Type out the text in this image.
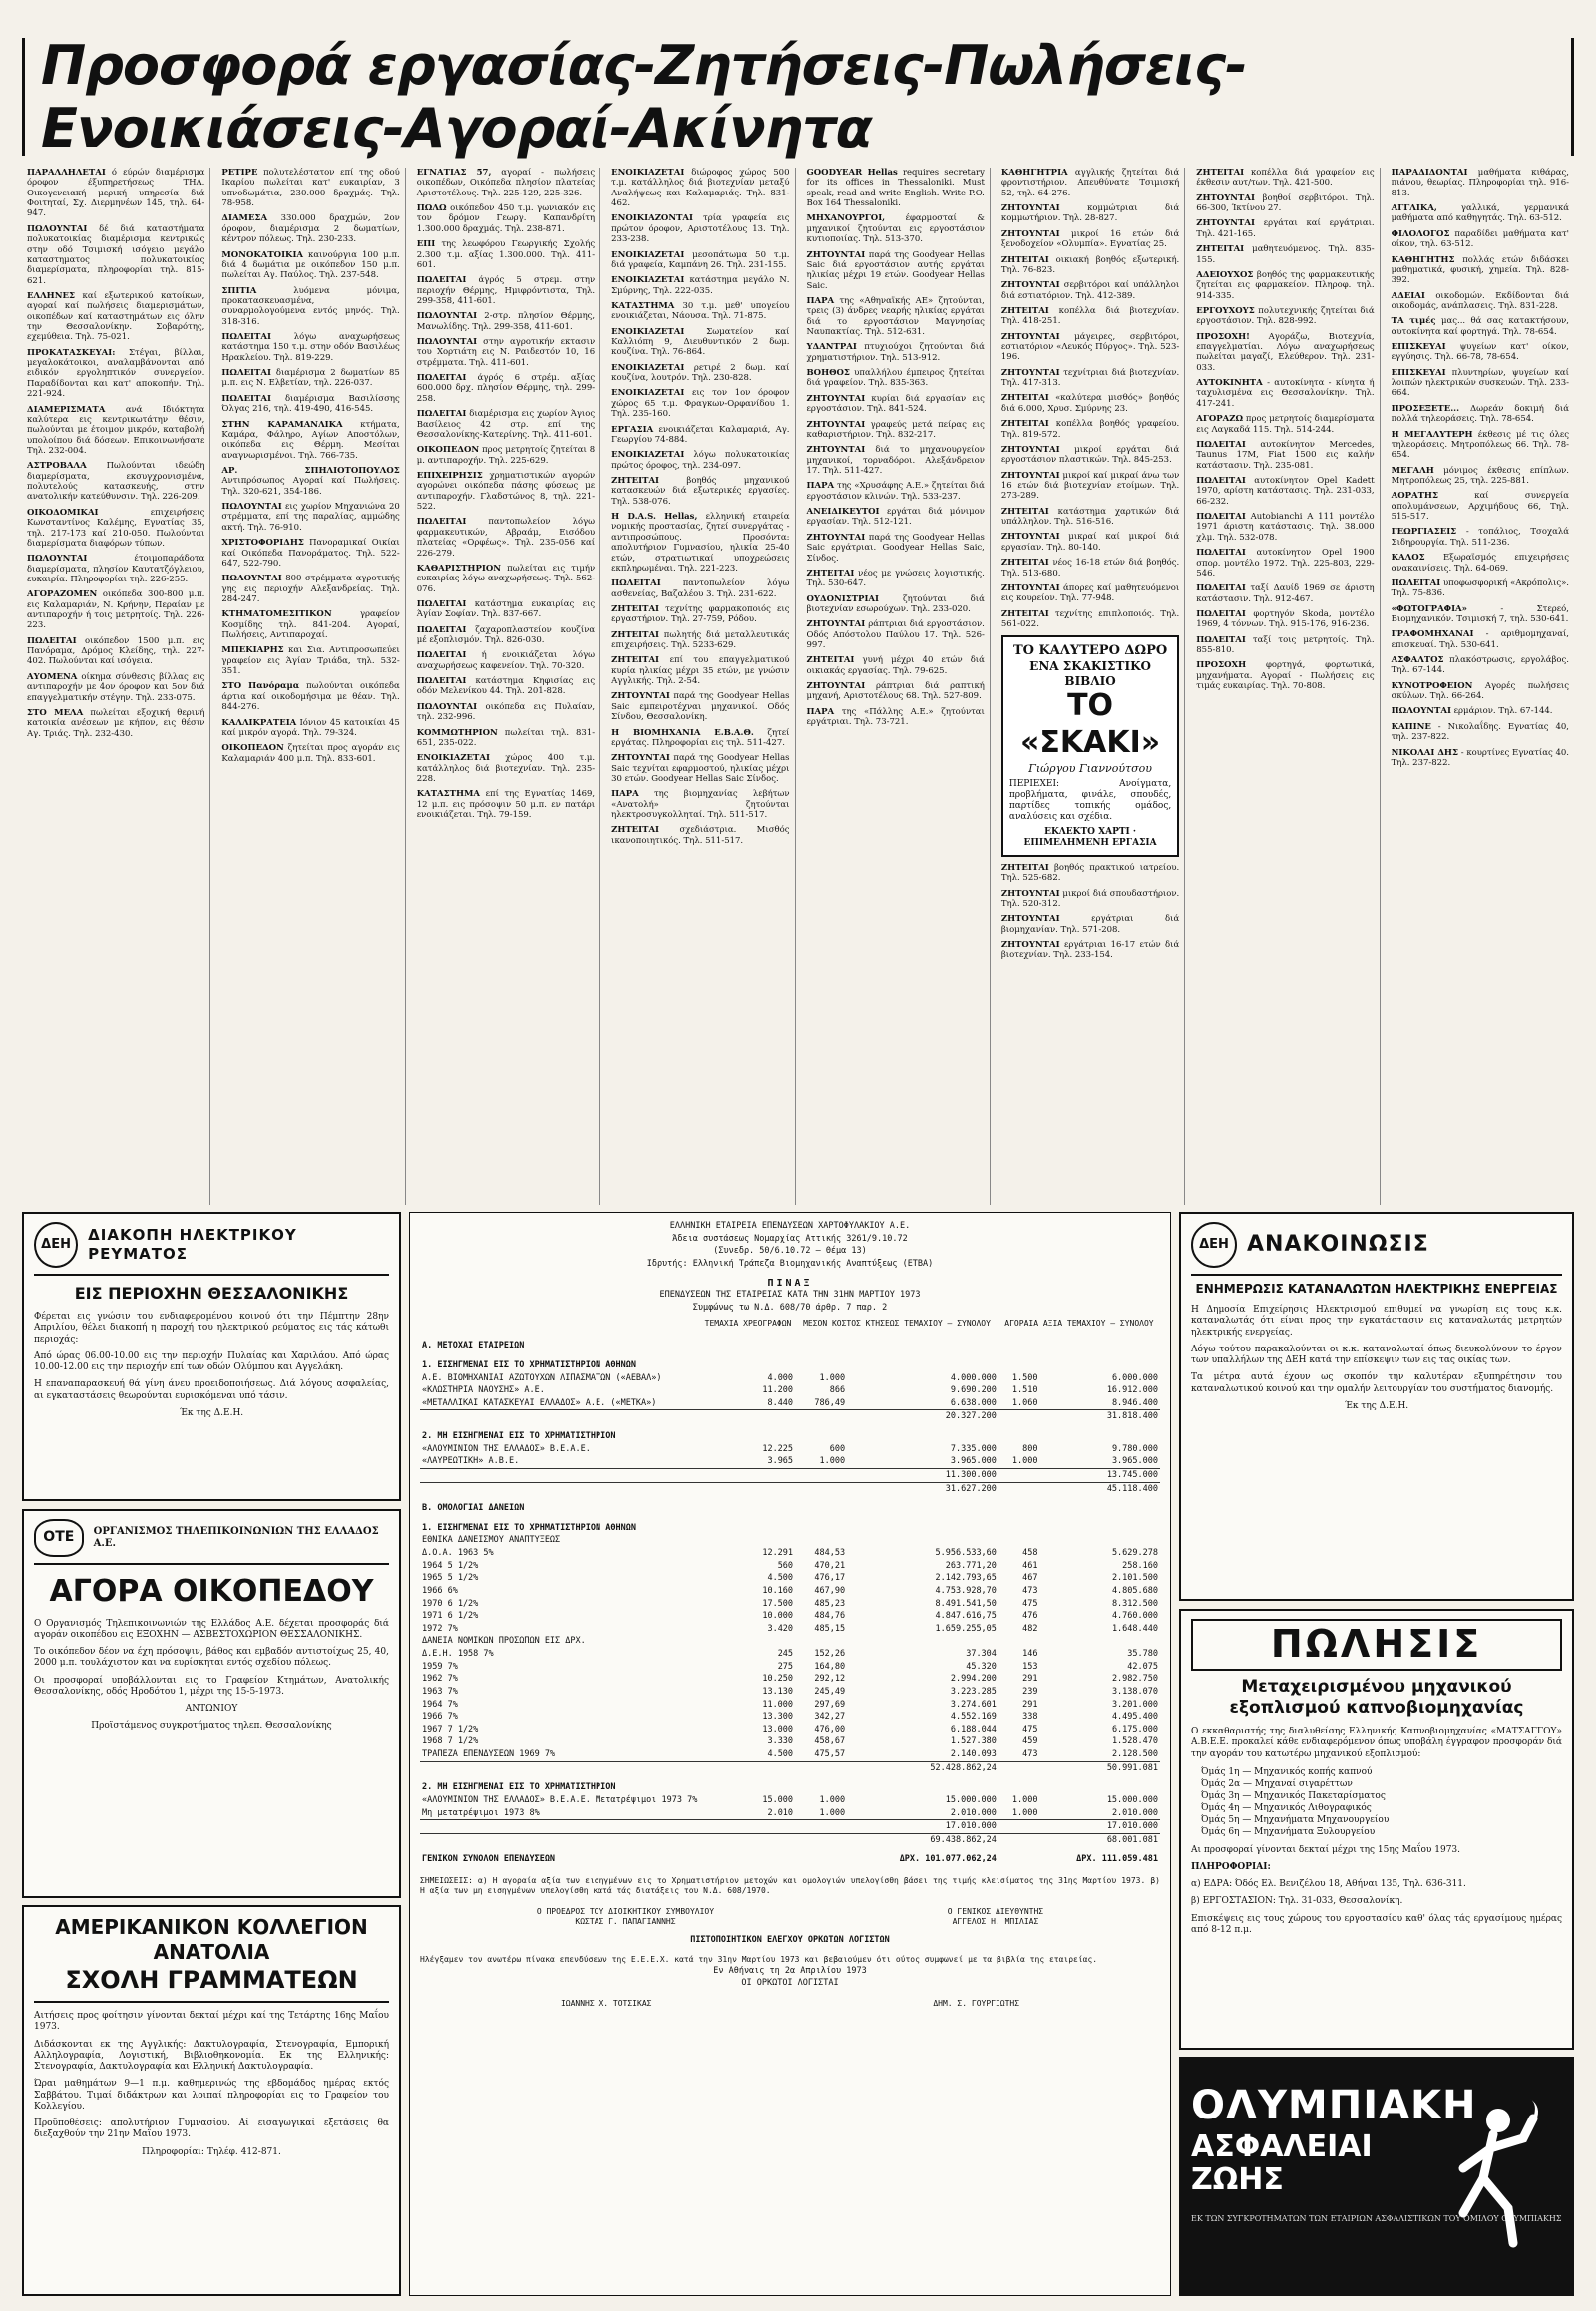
Προσφορά εργασίας-Ζητήσεις-Πωλήσεις-Ενοικιάσεις-Αγοραί-Ακίνητα

ΠΑΡΑΛΛΗΛΕΤΑΙ ό εύρών διαμέρισμα όροφον έξυπηρετήσεως ΤΗΛ. Οικογενειακή μερική υπηρεσία διά Φοιτηταί, Σχ. Διερμηνέων 145, τηλ. 64-947.

ΠΩΛΟΥΝΤΑΙ δέ διά καταστήματα πολυκατοικίας διαμέρισμα κεντρικώς στην οδό Τσιμισκή ισόγειο μεγάλο καταστηματος πολυκατοικίας διαμερίσματα, πληροφορίαι τηλ. 815-621.

ΕΛΛΗΝΕΣ καί εξωτερικού κατοίκων, αγοραί καί πωλήσεις διαμερισμάτων, οικοπέδων καί καταστημάτων εις όλην την Θεσσαλονίκην. Σοβαρότης, εχεμύθεια. Τηλ. 75-021.

ΠΡΟΚΑΤΑΣΚΕΥΑΙ: Στέγαι, βίλλαι, μεγαλοκάτοικοι, αναλαμβάνονται από ειδικόν εργοληπτικόν συνεργείον. Παραδίδονται και κατ' αποκοπήν. Τηλ. 221-924.

ΔΙΑΜΕΡΙΣΜΑΤΑ ανά Ιδιόκτητα καλύτερα εις κεντρικωτάτην θέσιν, πωλούνται με έτοιμον μικρόν, καταβολή υπολοίπου διά δόσεων. Επικοινωνήσατε Τηλ. 232-004.

ΑΣΤΡΟΒΑΛΑ Πωλούνται ιδεώδη διαμερίσματα, εκσυγχρονισμένα, πολυτελούς κατασκευής, στην ανατολικήν κατεύθυνσιν. Τηλ. 226-209.

ΟΙΚΟΔΟΜΙΚΑΙ	επιχειρήσεις Κωνσταντίνος Καλέμης, Εγνατίας 35, τηλ. 217-173 καί 210-050. Πωλούνται διαμερίσματα διαφόρων τύπων.

ΠΩΛΟΥΝΤΑΙ	έτοιμοπαράδοτα διαμερίσματα, πλησίον Καυτατζόγλειου, ευκαιρία. Πληροφορίαι τηλ. 226-255.

ΑΓΟΡΑΖΟΜΕΝ οικόπεδα 300-800 μ.π. εις Καλαμαριάν, Ν. Κρήνην, Περαίαν με αντιπαροχήν ή τοις μετρητοίς. Τηλ. 226-223.

ΠΩΛΕΙΤΑΙ οικόπεδον 1500 μ.π. εις Πανόραμα, Δρόμος Κλείδης, τηλ. 227-402. Πωλούνται καί ισόγεια.

ΑΥΟΜΕΝΑ οίκημα σύνθεσις βίλλας εις αντιπαροχήν με 4ον όροφον και 5ον διά επαγγελματικήν στέγην. Τηλ. 233-075.

ΣΤΟ ΜΕΛΑ πωλείται εξοχική θερινή κατοικία ανέσεων με κήπον, εις θέσιν Αγ. Τριάς. Τηλ. 232-430.

ΡΕΤΙΡΕ πολυτελέστατον επί της οδού Ικαρίου πωλείται κατ' ευκαιρίαν, 3 υπνοδωμάτια, 230.000 δραχμάς. Τηλ. 78-958.

ΔΙΑΜΕΣΑ 330.000 δραχμών, 2ον όροφον, διαμέρισμα 2 δωματίων, κέντρον πόλεως. Τηλ. 230-233.

ΜΟΝΟΚΑΤΟΙΚΙΑ καινούργια 100 μ.π. διά 4 δωμάτια με οικόπεδον 150 μ.π. πωλείται Αγ. Παύλος. Τηλ. 237-548.

ΣΠΙΤΙΑ	λυόμενα μόνιμα, προκατασκευασμένα, συναρμολογούμενα εντός μηνός. Τηλ. 318-316.

ΠΩΛΕΙΤΑΙ	λόγω αναχωρήσεως κατάστημα 150 τ.μ. στην οδόν Βασιλέως Ηρακλείου. Τηλ. 819-229.

ΠΩΛΕΙΤΑΙ διαμέρισμα 2 δωματίων 85 μ.π. εις Ν. Ελβετίαν, τηλ. 226-037.

ΠΩΛΕΙΤΑΙ διαμέρισμα Βασιλίσσης Όλγας 216, τηλ. 419-490, 416-545.

ΣΤΗΝ ΚΑΡΑΜΑΝΛΙΚΑ κτήματα, Καμάρα, Φάληρο, Αγίων Αποστόλων, οικόπεδα εις Θέρμη. Μεσίται αναγνωρισμένοι. Τηλ. 766-735.

ΑΡ. ΣΠΗΛΙΟΤΟΠΟΥΛΟΣ Αντιπρόσωπος Αγοραί καί Πωλήσεις. Τηλ. 320-621, 354-186.

ΠΩΛΟΥΝΤΑΙ εις χωρίον Μηχανιώνα 20 στρέμματα, επί της παραλίας, αμμώδης ακτή. Τηλ. 76-910.

ΧΡΙΣΤΟΦΟΡΙΔΗΣ Πανοραμικαί Οικίαι καί Οικόπεδα Πανοράματος. Τηλ. 522-647, 522-790.

ΠΩΛΟΥΝΤΑΙ 800 στρέμματα αγροτικής γης εις περιοχήν Αλεξανδρείας. Τηλ. 284-247.

ΚΤΗΜΑΤΟΜΕΣΙΤΙΚΟΝ	γραφείον Κοσμίδης τηλ. 841-204. Αγοραί, Πωλήσεις, Αντιπαροχαί.

ΜΠΕΚΙΑΡΗΣ και Σια. Αντιπροσωπεύει γραφείον εις Άγίαν Τριάδα, τηλ. 532-351.

ΣΤΟ Πανόραμα πωλούνται οικόπεδα άρτια καί οικοδομήσιμα με θέαν. Τηλ. 844-276.

ΚΑΛΛΙΚΡΑΤΕΙΑ Ιόνιον 45 κατοικίαι 45 καί μικρόν αγορά. Τηλ. 79-324.

ΟΙΚΟΠΕΔΟΝ ζητείται προς αγοράν εις Καλαμαριάν 400 μ.π. Τηλ. 833-601.

ΕΓΝΑΤΙΑΣ 57, αγοραί - πωλήσεις οικοπέδων, Οικόπεδα πλησίον πλατείας Αριστοτέλους. Τηλ. 225-129, 225-326.

ΠΩΛΩ οικόπεδον 450 τ.μ. γωνιακόν εις τον δρόμον Γεωργ. Καπανδρίτη 1.300.000 δραχμάς. Τηλ. 238-871.

ΕΠΙ της λεωφόρου Γεωργικής Σχολής 2.300 τ.μ. αξίας 1.300.000. Τηλ. 411-601.

ΠΩΛΕΙΤΑΙ άγρός 5 στρεμ. στην περιοχήν Θέρμης, Ημιφρόντιστα, Τηλ. 299-358, 411-601.

ΠΩΛΟΥΝΤΑΙ 2-στρ. πλησίον Θέρμης, Μανωλίδης. Τηλ. 299-358, 411-601.

ΠΩΛΟΥΝΤΑΙ στην αγροτικήν εκτασιν του Χορτιάτη εις Ν. Ραιδεστόν 10, 16 στρέμματα. Τηλ. 411-601.

ΠΩΛΕΙΤΑΙ άγρός 6 στρέμ. αξίας 600.000 δρχ. πλησίον Θέρμης, τηλ. 299-258.

ΠΩΛΕΙΤΑΙ διαμέρισμα εις χωρίον Άγιος Βασίλειος 42 στρ. επί της Θεσσαλονίκης-Κατερίνης. Τηλ. 411-601.

ΟΙΚΟΠΕΔΟΝ προς μετρητοίς ζητείται 8 μ. αντιπαροχήν. Τηλ. 225-629.

ΕΠΙΧΕΙΡΗΣΙΣ χρηματιστικών αγορών αγορώνει οικόπεδα πάσης φύσεως με αντιπαροχήν. Γλαδστώνος 8, τηλ. 221-522.

ΠΩΛΕΙΤΑΙ	παντοπωλείον λόγω φαρμακευτικών, Αβραάμ, Εισόδου πλατείας «Ορφέως». Τηλ. 235-056 καί 226-279.

ΚΑΘΑΡΙΣΤΗΡΙΟΝ πωλείται εις τιμήν ευκαιρίας λόγω αναχωρήσεως. Τηλ. 562-076.

ΠΩΛΕΙΤΑΙ κατάστημα ευκαιρίας εις Άγίαν Σοφίαν. Τηλ. 837-667.

ΠΩΛΕΙΤΑΙ ζαχαροπλαστείον κουζίνα μέ εξοπλισμόν. Τηλ. 826-030.

ΠΩΛΕΙΤΑΙ ή ενοικιάζεται λόγω αναχωρήσεως καφενείον. Τηλ. 70-320.

ΠΩΛΕΙΤΑΙ κατάστημα Κηφισίας εις οδόν Μελενίκου 44. Τηλ. 201-828.

ΠΩΛΟΥΝΤΑΙ οικόπεδα εις Πυλαίαν, τηλ. 232-996.

ΚΟΜΜΩΤΗΡΙΟΝ πωλείται τηλ. 831-651, 235-022.

ΕΝΟΙΚΙΑΖΕΤΑΙ χώρος 400 τ.μ. κατάλληλος διά βιοτεχνίαν. Τηλ. 235-228.

ΚΑΤΑΣΤΗΜΑ επί της Εγνατίας 1469, 12 μ.π. εις πρόσοψιν 50 μ.π. εν πατάρι ενοικιάζεται. Τηλ. 79-159.

ΕΝΟΙΚΙΑΖΕΤΑΙ διώροφος χώρος 500 τ.μ. κατάλληλος διά βιοτεχνίαν μεταξύ Αναλήψεως και Καλαμαριάς. Τηλ. 831-462.

ΕΝΟΙΚΙΑΖΟΝΤΑΙ τρία γραφεία εις πρώτον όροφον, Αριστοτέλους 13. Τηλ. 233-238.

ΕΝΟΙΚΙΑΖΕΤΑΙ μεσοπάτωμα 50 τ.μ. διά γραφεία, Καμπάνη 26. Τηλ. 231-155.

ΕΝΟΙΚΙΑΖΕΤΑΙ κατάστημα μεγάλο Ν. Σμύρνης, Τηλ. 222-035.

ΚΑΤΑΣΤΗΜΑ 30 τ.μ. μεθ' υπογείου ενοικιάζεται, Νάουσα. Τηλ. 71-875.

ΕΝΟΙΚΙΑΖΕΤΑΙ	Σωματείον καί Καλλιόπη 9, Διευθυντικόν 2 δωμ. κουζίνα. Τηλ. 76-864.

ΕΝΟΙΚΙΑΖΕΤΑΙ ρετιρέ 2 δωμ. καί κουζίνα, λουτρόν. Τηλ. 230-828.

ΕΝΟΙΚΙΑΖΕΤΑΙ εις τον 1ον όροφον χώρος 65 τ.μ. Φραγκων-Ορφανίδου 1. Τηλ. 235-160.

ΕΡΓΑΣΙΑ ενοικιάζεται Καλαμαριά, Αγ. Γεωργίου 74-884.

ΕΝΟΙΚΙΑΖΕΤΑΙ λόγω πολυκατοικίας πρώτος όροφος, τηλ. 234-097.

ΖΗΤΕΙΤΑΙ	βοηθός μηχανικού κατασκευών διά εξωτερικές εργασίες. Τηλ. 538-076.

Η D.A.S. Hellas, ελληνική εταιρεία νομικής προστασίας, ζητεί συνεργάτας - αντιπροσώπους. Προσόντα: απολυτήριον Γυμνασίου, ηλικία 25-40 ετών, στρατιωτικαί υποχρεώσεις εκπληρωμέναι. Τηλ. 221-223.

ΠΩΛΕΙΤΑΙ	παντοπωλείον λόγω ασθενείας, Βαζαλέου 3. Τηλ. 231-622.

ΖΗΤΕΙΤΑΙ τεχνίτης φαρμακοποιός εις εργαστήριον. Τηλ. 27-759, Ρόδου.

ΖΗΤΕΙΤΑΙ πωλητής διά μεταλλευτικάς επιχειρήσεις. Τηλ. 5233-629.

ΖΗΤΕΙΤΑΙ επί του επαγγελματικού κυρία ηλικίας μέχρι 35 ετών, με γνώσιν Αγγλικής. Τηλ. 2-54.

ΖΗΤΟΥΝΤΑΙ παρά της Goodyear Hellas Saic εμπειροτέχναι μηχανικοί. Οδός Σίνδου, Θεσσαλονίκη.

Η ΒΙΟΜΗΧΑΝΙΑ Ε.Β.Α.Θ. ζητεί εργάτας. Πληροφορίαι εις τηλ. 511-427.

ΖΗΤΟΥΝΤΑΙ παρά της Goodyear Hellas Saic τεχνίται εφαρμοστού, ηλικίας μέχρι 30 ετών. Goodyear Hellas Saic Σίνδος.

ΠΑΡΑ της βιομηχανίας λεβήτων «Ανατολή» ζητούνται ηλεκτροσυγκολληταί. Τηλ. 511-517.

ΖΗΤΕΙΤΑΙ σχεδιάστρια. Μισθός ικανοποιητικός. Τηλ. 511-517.

GOODYEAR Hellas requires secretary for its offices in Thessaloniki. Must speak, read and write English. Write P.O. Box 164 Thessaloniki.

ΜΗΧΑΝΟΥΡΓΟΙ, έφαρμοσταί & μηχανικοί ζητούνται εις εργοστάσιον κυτιοποιίας. Τηλ. 513-370.

ΖΗΤΟΥΝΤΑΙ παρά της Goodyear Hellas Saic διά εργοστάσιον αυτής εργάται ηλικίας μέχρι 19 ετών. Goodyear Hellas Saic.

ΠΑΡΑ της «Αθηναϊκής ΑΕ» ζητούνται, τρεις (3) άνδρες νεαρής ηλικίας εργάται διά το εργοστάσιον Μαγνησίας Ναυπακτίας. Τηλ. 512-631.

ΥΔΑΝΤΡΑΙ πτυχιούχοι ζητούνται διά χρηματιστήριον. Τηλ. 513-912.

ΒΟΗΘΟΣ υπαλλήλου έμπειρος ζητείται διά γραφείον. Τηλ. 835-363.

ΖΗΤΟΥΝΤΑΙ κυρίαι διά εργασίαν εις εργοστάσιον. Τηλ. 841-524.

ΖΗΤΟΥΝΤΑΙ γραφεύς μετά πείρας εις καθαριστήριον. Τηλ. 832-217.

ΖΗΤΟΥΝΤΑΙ διά το μηχανουργείον μηχανικοί, τορναδόροι. Αλεξάνδρειον 17. Τηλ. 511-427.

ΠΑΡΑ της «Χρυσάφης Α.Ε.» ζητείται διά εργοστάσιον κλινών. Τηλ. 533-237.

ΑΝΕΙΔΙΚΕΥΤΟΙ εργάται διά μόνιμον εργασίαν. Τηλ. 512-121.

ΖΗΤΟΥΝΤΑΙ παρά της Goodyear Hellas Saic εργάτριαι. Goodyear Hellas Saic, Σίνδος.

ΖΗΤΕΙΤΑΙ νέος με γνώσεις λογιστικής. Τηλ. 530-647.

ΟΥΔΟΝΙΣΤΡΙΑΙ	ζητούνται διά βιοτεχνίαν εσωρούχων. Τηλ. 233-020.

ΖΗΤΟΥΝΤΑΙ ράπτριαι διά εργοστάσιον. Οδός Απόστολου Παύλου 17. Τηλ. 526-997.

ΖΗΤΕΙΤΑΙ γυνή μέχρι 40 ετών διά οικιακάς εργασίας. Τηλ. 79-625.

ΖΗΤΟΥΝΤΑΙ ράπτριαι διά ραπτική μηχανή, Αριστοτέλους 68. Τηλ. 527-809.

ΠΑΡΑ της «Πάλλης Α.Ε.» ζητούνται εργάτριαι. Τηλ. 73-721.

ΚΑΘΗΓΗΤΡΙΑ αγγλικής ζητείται διά φροντιστήριον. Απευθύνατε Τσιμισκή 52, τηλ. 64-276.

ΖΗΤΟΥΝΤΑΙ	κομμώτριαι διά κομμωτήριον. Τηλ. 28-827.

ΖΗΤΟΥΝΤΑΙ μικροί 16 ετών διά ξενοδοχείον «Ολυμπία». Εγνατίας 25.

ΖΗΤΕΙΤΑΙ οικιακή βοηθός εξωτερική. Τηλ. 76-823.

ΖΗΤΟΥΝΤΑΙ σερβιτόροι καί υπάλληλοι διά εστιατόριον. Τηλ. 412-389.

ΖΗΤΕΙΤΑΙ κοπέλλα διά βιοτεχνίαν. Τηλ. 418-251.

ΖΗΤΟΥΝΤΑΙ μάγειρες, σερβιτόροι, εστιατόριον «Λευκός Πύργος». Τηλ. 523-196.

ΖΗΤΟΥΝΤΑΙ τεχνίτριαι διά βιοτεχνίαν. Τηλ. 417-313.

ΖΗΤΕΙΤΑΙ «καλύτερα μισθός» βοηθός διά 6.000, Χρυσ. Σμύρνης 23.

ΖΗΤΕΙΤΑΙ κοπέλλα βοηθός γραφείου. Τηλ. 819-572.

ΖΗΤΟΥΝΤΑΙ μικροί εργάται διά εργοστάσιον πλαστικών. Τηλ. 845-253.

ΖΗΤΟΥΝΤΑΙ μικροί καί μικραί άνω των 16 ετών διά βιοτεχνίαν ετοίμων. Τηλ. 273-289.

ΖΗΤΕΙΤΑΙ κατάστημα χαρτικών διά υπάλληλον. Τηλ. 516-516.

ΖΗΤΟΥΝΤΑΙ μικραί καί μικροί διά εργασίαν. Τηλ. 80-140.

ΖΗΤΕΙΤΑΙ νέος 16-18 ετών διά βοηθός. Τηλ. 513-680.

ΖΗΤΟΥΝΤΑΙ άπορες καί μαθητευόμενοι εις κουρείον. Τηλ. 77-948.

ΖΗΤΕΙΤΑΙ τεχνίτης επιπλοποιός. Τηλ. 561-022.

ΤΟ ΚΑΛΥΤΕΡΟ ΔΩΡΟ
ΕΝΑ ΣΚΑΚΙΣΤΙΚΟ ΒΙΒΛΙΟ
ΤΟ «ΣΚΑΚΙ»
Γιώργου Γιαννούτσου
ΠΕΡΙΕΧΕΙ: Ανοίγματα, προβλήματα, φινάλε, σπουδές, παρτίδες τοπικής ομάδος, αναλύσεις και σχέδια.
ΕΚΛΕΚΤΟ ΧΑΡΤΙ · ΕΠΙΜΕΛΗΜΕΝΗ ΕΡΓΑΣΙΑ

ΖΗΤΕΙΤΑΙ βοηθός πρακτικού ιατρείου. Τηλ. 525-682.

ΖΗΤΟΥΝΤΑΙ μικροί διά σπουδαστήριον. Τηλ. 520-312.

ΖΗΤΟΥΝΤΑΙ	εργάτριαι διά βιομηχανίαν. Τηλ. 571-208.

ΖΗΤΟΥΝΤΑΙ εργάτριαι 16-17 ετών διά βιοτεχνίαν. Τηλ. 233-154.

ΖΗΤΕΙΤΑΙ κοπέλλα διά γραφείον εις έκθεσιν αυτ/των. Τηλ. 421-500.

ΖΗΤΟΥΝΤΑΙ βοηθοί σερβιτόροι. Τηλ. 66-300, Ίκτίνου 27.

ΖΗΤΟΥΝΤΑΙ εργάται καί εργάτριαι. Τηλ. 421-165.

ΖΗΤΕΙΤΑΙ μαθητευόμενος. Τηλ. 835-155.

ΑΔΕΙΟΥΧΟΣ βοηθός της φαρμακευτικής ζητείται εις φαρμακείον. Πληροφ. τηλ. 914-335.

ΕΡΓΟΥΧΟΥΣ πολυτεχνικής ζητείται διά εργοστάσιον. Τηλ. 828-992.

ΠΡΟΣΟΧΗ! Αγοράζω, Βιοτεχνία, επαγγελματίαι. Λόγω αναχωρήσεως πωλείται μαγαζί, Ελεύθερον. Τηλ. 231-033.

ΑΥΤΟΚΙΝΗΤΑ - αυτοκίνητα - κίνητα ή ταχυλισμένα εις Θεσσαλονίκην. Τηλ. 417-241.

ΑΓΟΡΑΖΩ προς μετρητοίς διαμερίσματα εις Λαγκαδά 115. Τηλ. 514-244.

ΠΩΛΕΙΤΑΙ αυτοκίνητον Mercedes, Taunus 17M, Fiat 1500 εις καλήν κατάστασιν. Τηλ. 235-081.

ΠΩΛΕΙΤΑΙ αυτοκίνητον Opel Kadett 1970, αρίστη κατάστασις. Τηλ. 231-033, 66-232.

ΠΩΛΕΙΤΑΙ Autobianchi A 111 μοντέλο 1971 άριστη κατάστασις. Τηλ. 38.000 χλμ. Τηλ. 532-078.

ΠΩΛΕΙΤΑΙ αυτοκίνητον Opel 1900 σπορ. μοντέλο 1972. Τηλ. 225-803, 229-546.

ΠΩΛΕΙΤΑΙ ταξί Δαυίδ 1969 σε άριστη κατάστασιν. Τηλ. 912-467.

ΠΩΛΕΙΤΑΙ φορτηγόν Skoda, μοντέλο 1969, 4 τόννων. Τηλ. 915-176, 916-236.

ΠΩΛΕΙΤΑΙ ταξί τοις μετρητοίς. Τηλ. 855-810.

ΠΡΟΣΟΧΗ φορτηγά, φορτωτικά, μηχανήματα. Αγοραί - Πωλήσεις εις τιμάς ευκαιρίας. Τηλ. 70-808.

ΠΑΡΑΔΙΔΟΝΤΑΙ μαθήματα κιθάρας, πιάνου, θεωρίας. Πληροφορίαι τηλ. 916-813.

ΑΓΓΛΙΚΑ,	γαλλικά, γερμανικά μαθήματα από καθηγητάς. Τηλ. 63-512.

ΦΙΛΟΛΟΓΟΣ παραδίδει μαθήματα κατ' οίκον, τηλ. 63-512.

ΚΑΘΗΓΗΤΗΣ πολλάς ετών διδάσκει μαθηματικά, φυσική, χημεία. Τηλ. 828-392.

ΑΔΕΙΑΙ οικοδομών. Εκδίδονται διά οικοδομάς, ανάπλασεις. Τηλ. 831-228.

ΤΑ τιμές μας... θά σας κατακτήσουν, αυτοκίνητα καί φορτηγά. Τηλ. 78-654.

ΕΠΙΣΚΕΥΑΙ ψυγείων κατ' οίκον, εγγύησις. Τηλ. 66-78, 78-654.

ΕΠΙΣΚΕΥΑΙ πλυντηρίων, ψυγείων καί λοιπών ηλεκτρικών συσκευών. Τηλ. 233-664.

ΠΡΟΣΕΞΕΤΕ... Δωρεάν δοκιμή διά πολλά τηλεοράσεις. Τηλ. 78-654.

Η ΜΕΓΑΛΥΤΕΡΗ έκθεσις μέ τις όλες τηλεοράσεις. Μητροπόλεως 66. Τηλ. 78-654.

ΜΕΓΑΛΗ μόνιμος έκθεσις επίπλων. Μητροπόλεως 25, τηλ. 225-881.

ΑΟΡΑΤΗΣ	καί συνεργεία απολυμάνσεων, Αρχιμήδους 66, Τηλ. 515-517.

ΓΕΩΡΓΙΑΣΕΙΣ - τοπάλιος, Τσοχαλά Σιδηρουργία. Τηλ. 511-236.

ΚΑΛΟΣ Εξωραϊσμός επιχειρήσεις ανακαινίσεις. Τηλ. 64-069.

ΠΩΛΕΙΤΑΙ υποφωσφορική «Ακρόπολις». Τηλ. 75-836.

«ΦΩΤΟΓΡΑΦΙΑ»	- Στερεό, Βιομηχανικόν. Τσιμισκή 7, τηλ. 530-641.

ΓΡΑΦΟΜΗΧΑΝΑΙ - αριθμομηχαναί, επισκευαί. Τηλ. 530-641.

ΑΣΦΑΛΤΟΣ πλακόστρωσις, εργολάβος. Τηλ. 67-144.

ΚΥΝΟΤΡΟΦΕΙΟΝ Αγορές πωλήσεις σκύλων. Τηλ. 66-264.

ΠΩΛΟΥΝΤΑΙ ερμάριον. Τηλ. 67-144.

ΚΑΠΙΝΕ - Νικολαΐδης. Εγνατίας 40, τηλ. 237-822.

ΝΙΚΟΛΑΙ ΔΗΣ - κουρτίνες Εγνατίας 40. Τηλ. 237-822.

ΔΕΗ
ΔΙΑΚΟΠΗ ΗΛΕΚΤΡΙΚΟΥ ΡΕΥΜΑΤΟΣ
ΕΙΣ ΠΕΡΙΟΧΗΝ ΘΕΣΣΑΛΟΝΙΚΗΣ

Φέρεται εις γνώσιν του ενδιαφερομένου κοινού ότι την Πέμπτην 28ην Απριλίου, θέλει διακοπή η παροχή του ηλεκτρικού ρεύματος εις τάς κάτωθι περιοχάς:

Από ώρας 06.00-10.00 εις την περιοχήν Πυλαίας και Χαριλάου. Από ώρας 10.00-12.00 εις την περιοχήν επί των οδών Ολύμπου και Αγγελάκη.

Η επαναπαρασκευή θά γίνη άνευ προειδοποιήσεως. Διά λόγους ασφαλείας, αι εγκαταστάσεις θεωρούνται ευρισκόμεναι υπό τάσιν.

Έκ της Δ.Ε.Η.

ΟΤΕ	ΟΡΓΑΝΙΣΜΟΣ ΤΗΛΕΠΙΚΟΙΝΩΝΙΩΝ ΤΗΣ ΕΛΛΑΔΟΣ Α.Ε.
ΑΓΟΡΑ ΟΙΚΟΠΕΔΟΥ

Ο Οργανισμός Τηλεπικοινωνιών της Ελλάδος Α.Ε. δέχεται προσφοράς διά αγοράν οικοπέδου εις ΕΞΟΧΗΝ — ΑΣΒΕΣΤΟΧΩΡΙΟΝ ΘΕΣΣΑΛΟΝΙΚΗΣ.

Το οικόπεδον δέον να έχη πρόσοψιν, βάθος και εμβαδόν αντιστοίχως 25, 40, 2000 μ.π. τουλάχιστον και να ευρίσκηται εντός σχεδίου πόλεως.

Οι προσφοραί υποβάλλονται εις το Γραφείον Κτημάτων, Ανατολικής Θεσσαλονίκης, οδός Ηροδότου 1, μέχρι της 15-5-1973.

ΑΝΤΩΝΙΟΥ

Προϊστάμενος συγκροτήματος τηλεπ. Θεσσαλονίκης

ΑΜΕΡΙΚΑΝΙΚΟΝ ΚΟΛΛΕΓΙΟΝ ΑΝΑΤΟΛΙΑ
ΣΧΟΛΗ ΓΡΑΜΜΑΤΕΩΝ

Αιτήσεις προς φοίτησιν γίνονται δεκταί μέχρι καί της Τετάρτης 16ης Μαΐου 1973.

Διδάσκονται εκ της Αγγλικής: Δακτυλογραφία, Στενογραφία, Εμπορική Αλληλογραφία, Λογιστική, Βιβλιοθηκονομία. Εκ της Ελληνικής: Στενογραφία, Δακτυλογραφία και Ελληνική Δακτυλογραφία.

Ώραι μαθημάτων 9—1 π.μ. καθημερινώς της εβδομάδος ημέρας εκτός Σαββάτου. Τιμαί διδάκτρων και λοιπαί πληροφορίαι εις το Γραφείον του Κολλεγίου.

Προϋποθέσεις: απολυτήριον Γυμνασίου. Αί εισαγωγικαί εξετάσεις θα διεξαχθούν την 21ην Μαΐου 1973.

Πληροφορίαι: Τηλέφ. 412-871.

ΕΛΛΗΝΙΚΗ ΕΤΑΙΡΕΙΑ ΕΠΕΝΔΥΣΕΩΝ ΧΑΡΤΟΦΥΛΑΚΙΟΥ Α.Ε.
Άδεια συστάσεως Νομαρχίας Αττικής 3261/9.10.72
(Συνεδρ. 50/6.10.72 — Θέμα 13)
Ιδρυτής: Ελληνική Τράπεζα Βιομηχανικής Αναπτύξεως (ΕΤΒΑ)
ΠΙΝΑΞ
ΕΠΕΝΔΥΣΕΩΝ ΤΗΣ ΕΤΑΙΡΕΙΑΣ ΚΑΤΑ ΤΗΝ 31ΗΝ ΜΑΡΤΙΟΥ 1973
Συμφώνως τω Ν.Δ. 608/70 άρθρ. 7 παρ. 2
	ΤΕΜΑΧΙΑ ΧΡΕΟΓΡΑΦΩΝ	ΜΕΣΟΝ ΚΟΣΤΟΣ ΚΤΗΣΕΩΣ ΤΕΜΑΧΙΟΥ — ΣΥΝΟΛΟΥ		ΑΓΟΡΑΙΑ ΑΞΙΑ ΤΕΜΑΧΙΟΥ — ΣΥΝΟΛΟΥ	
Α. ΜΕΤΟΧΑΙ ΕΤΑΙΡΕΙΩΝ					
1. ΕΙΣΗΓΜΕΝΑΙ ΕΙΣ ΤΟ ΧΡΗΜΑΤΙΣΤΗΡΙΟΝ ΑΘΗΝΩΝ					
Α.Ε. ΒΙΟΜΗΧΑΝΙΑΙ ΑΖΩΤΟΥΧΩΝ ΛΙΠΑΣΜΑΤΩΝ («ΑΕΒΑΛ»)	4.000	1.000	4.000.000	1.500	6.000.000
«ΚΛΩΣΤΗΡΙΑ ΝΑΟΥΣΗΣ» Α.Ε.	11.200	866	9.690.200	1.510	16.912.000
«ΜΕΤΑΛΛΙΚΑΙ ΚΑΤΑΣΚΕΥΑΙ ΕΛΛΑΔΟΣ» Α.Ε. («ΜΕΤΚΑ»)	8.440	786,49	6.638.000	1.060	8.946.400
			20.327.200		31.818.400
2. ΜΗ ΕΙΣΗΓΜΕΝΑΙ ΕΙΣ ΤΟ ΧΡΗΜΑΤΙΣΤΗΡΙΟΝ					
«ΑΛΟΥΜΙΝΙΟΝ ΤΗΣ ΕΛΛΑΔΟΣ» Β.Ε.Α.Ε.	12.225	600	7.335.000	800	9.780.000
«ΛΑΥΡΕΩΤΙΚΗ» Α.Β.Ε.	3.965	1.000	3.965.000	1.000	3.965.000
			11.300.000		13.745.000
			31.627.200		45.118.400
Β. ΟΜΟΛΟΓΙΑΙ ΔΑΝΕΙΩΝ					
1. ΕΙΣΗΓΜΕΝΑΙ ΕΙΣ ΤΟ ΧΡΗΜΑΤΙΣΤΗΡΙΟΝ ΑΘΗΝΩΝ					
ΕΘΝΙΚΑ ΔΑΝΕΙΣΜΟΥ ΑΝΑΠΤΥΞΕΩΣ					
Δ.Ο.Α. 1963 5%	12.291	484,53	5.956.533,60	458	5.629.278
1964 5 1/2%	560	470,21	263.771,20	461	258.160
1965 5 1/2%	4.500	476,17	2.142.793,65	467	2.101.500
1966 6%	10.160	467,90	4.753.928,70	473	4.805.680
1970 6 1/2%	17.500	485,23	8.491.541,50	475	8.312.500
1971 6 1/2%	10.000	484,76	4.847.616,75	476	4.760.000
1972 7%	3.420	485,15	1.659.255,05	482	1.648.440
ΔΑΝΕΙΑ ΝΟΜΙΚΩΝ ΠΡΟΣΩΠΩΝ ΕΙΣ ΔΡΧ.					
Δ.Ε.Η. 1958 7%	245	152,26	37.304	146	35.780
1959 7%	275	164,80	45.320	153	42.075
1962 7%	10.250	292,12	2.994.200	291	2.982.750
1963 7%	13.130	245,49	3.223.285	239	3.138.070
1964 7%	11.000	297,69	3.274.601	291	3.201.000
1966 7%	13.300	342,27	4.552.169	338	4.495.400
1967 7 1/2%	13.000	476,00	6.188.044	475	6.175.000
1968 7 1/2%	3.330	458,67	1.527.380	459	1.528.470
ΤΡΑΠΕΖΑ ΕΠΕΝΔΥΣΕΩΝ 1969 7%	4.500	475,57	2.140.093	473	2.128.500
			52.428.862,24		50.991.081
2. ΜΗ ΕΙΣΗΓΜΕΝΑΙ ΕΙΣ ΤΟ ΧΡΗΜΑΤΙΣΤΗΡΙΟΝ					
«ΑΛΟΥΜΙΝΙΟΝ ΤΗΣ ΕΛΛΑΔΟΣ» Β.Ε.Α.Ε. Μετατρέψιμοι 1973 7%	15.000	1.000	15.000.000	1.000	15.000.000
Μη μετατρέψιμοι 1973 8%	2.010	1.000	2.010.000	1.000	2.010.000
			17.010.000		17.010.000
			69.438.862,24		68.001.081
ΓΕΝΙΚΟΝ ΣΥΝΟΛΟΝ ΕΠΕΝΔΥΣΕΩΝ			ΔΡΧ. 101.077.062,24		ΔΡΧ. 111.059.481
ΣΗΜΕΙΩΣΕΙΣ: α) Η αγοραία αξία των εισηγμένων εις το Χρηματιστήριον μετοχών και ομολογιών υπελογίσθη βάσει της τιμής κλεισίματος της 31ης Μαρτίου 1973. β) Η αξία των μη εισηγμένων υπελογίσθη κατά τάς διατάξεις του Ν.Δ. 608/1970.
Ο ΠΡΟΕΔΡΟΣ ΤΟΥ ΔΙΟΙΚΗΤΙΚΟΥ ΣΥΜΒΟΥΛΙΟΥ
ΚΩΣΤΑΣ Γ. ΠΑΠΑΓΙΑΝΝΗΣ
Ο ΓΕΝΙΚΟΣ ΔΙΕΥΘΥΝΤΗΣ
ΑΓΓΕΛΟΣ Η. ΜΠΙΛΙΑΣ
ΠΙΣΤΟΠΟΙΗΤΙΚΟΝ ΕΛΕΓΧΟΥ ΟΡΚΩΤΩΝ ΛΟΓΙΣΤΩΝ
Ηλέγξαμεν τον ανωτέρω πίνακα επενδύσεων της Ε.Ε.Ε.Χ. κατά την 31ην Μαρτίου 1973 και βεβαιούμεν ότι ούτος συμφωνεί με τα βιβλία της εταιρείας.
Εν Αθήναις τη 2α Απριλίου 1973
ΟΙ ΟΡΚΩΤΟΙ ΛΟΓΙΣΤΑΙ
ΙΩΑΝΝΗΣ Χ. ΤΟΤΣΙΚΑΣ	ΔΗΜ. Σ. ΓΟΥΡΓΙΩΤΗΣ
ΔΕΗ ΑΝΑΚΟΙΝΩΣΙΣ
ΕΝΗΜΕΡΩΣΙΣ ΚΑΤΑΝΑΛΩΤΩΝ ΗΛΕΚΤΡΙΚΗΣ ΕΝΕΡΓΕΙΑΣ

Η Δημοσία Επιχείρησις Ηλεκτρισμού επιθυμεί να γνωρίση εις τους κ.κ. καταναλωτάς ότι είναι προς την εγκατάστασιν εις καταναλωτάς μετρητών ηλεκτρικής ενεργείας.

Λόγω τούτου παρακαλούνται οι κ.κ. καταναλωταί όπως διευκολύνουν το έργον των υπαλλήλων της ΔΕΗ κατά την επίσκεψιν των εις τας οικίας των.

Τα μέτρα αυτά έχουν ως σκοπόν την καλυτέραν εξυπηρέτησιν του καταναλωτικού κοινού και την ομαλήν λειτουργίαν του συστήματος διανομής.

Έκ της Δ.Ε.Η.

ΠΩΛΗΣΙΣ
Μεταχειρισμένου μηχανικού εξοπλισμού καπνοβιομηχανίας

Ο εκκαθαριστής της διαλυθείσης Ελληνικής Καπνοβιομηχανίας «ΜΑΤΣΑΓΓΟΥ» Α.Β.Ε.Ε. προκαλεί κάθε ενδιαφερόμενον όπως υποβάλη έγγραφον προσφοράν διά την αγοράν του κατωτέρω μηχανικού εξοπλισμού:

Όμάς 1η — Μηχανικός κοπής καπνού
Όμάς 2α — Μηχαναί σιγαρέττων
Όμάς 3η — Μηχανικός Πακεταρίσματος
Όμάς 4η — Μηχανικός Λιθογραφικός
Όμάς 5η — Μηχανήματα Μηχανουργείου
Όμάς 6η — Μηχανήματα Ξυλουργείου

Αι προσφοραί γίνονται δεκταί μέχρι της 15ης Μαΐου 1973.

ΠΛΗΡΟΦΟΡΙΑΙ:

α) ΕΔΡΑ: Όδός Ελ. Βενιζέλου 18, Αθήναι 135, Τηλ. 636-311.

β) ΕΡΓΟΣΤΑΣΙΟΝ: Τηλ. 31-033, Θεσσαλονίκη.

Επισκέψεις εις τους χώρους του εργοστασίου καθ' όλας τάς εργασίμους ημέρας από 8-12 π.μ.

ΟΛΥΜΠΙΑΚΗ
ΑΣΦΑΛΕΙΑΙ
ΖΩΗΣ
ΕΚ ΤΩΝ ΣΥΓΚΡΟΤΗΜΑΤΩΝ ΤΩΝ ΕΤΑΙΡΙΩΝ ΑΣΦΑΛΙΣΤΙΚΩΝ ΤΟΥ ΟΜΙΛΟΥ ΟΛΥΜΠΙΑΚΗΣ
